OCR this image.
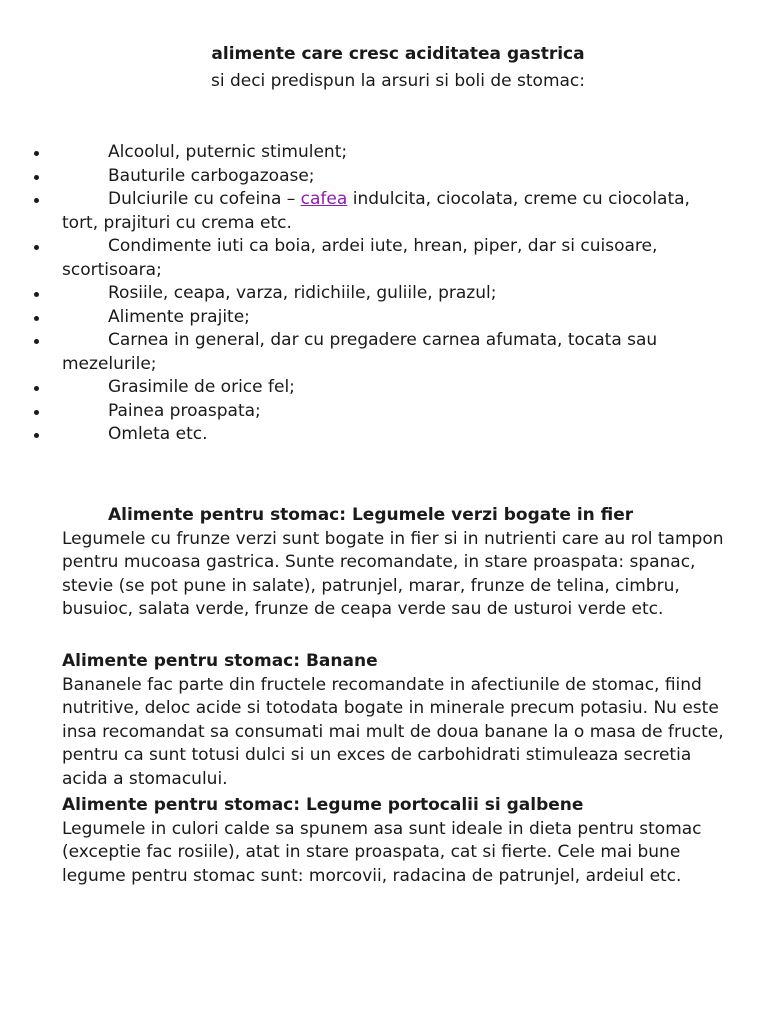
alimente care cresc aciditatea gastrica
si deci predispun la arsuri si boli de stomac:
Alcoolul, puternic stimulent;
Bauturile carbogazoase;
Dulciurile cu cofeina – cafea indulcita, ciocolata, creme cu ciocolata, tort, prajituri cu crema etc.
Condimente iuti ca boia, ardei iute, hrean, piper, dar si cuisoare, scortisoara;
Rosiile, ceapa, varza, ridichiile, guliile, prazul;
Alimente prajite;
Carnea in general, dar cu pregadere carnea afumata, tocata sau mezelurile;
Grasimile de orice fel;
Painea proaspata;
Omleta etc.

Alimente pentru stomac: Legumele verzi bogate in fier

Legumele cu frunze verzi sunt bogate in fier si in nutrienti care au rol tampon pentru mucoasa gastrica. Sunte recomandate, in stare proaspata: spanac, stevie (se pot pune in salate), patrunjel, marar, frunze de telina, cimbru, busuioc, salata verde, frunze de ceapa verde sau de usturoi verde etc.

Alimente pentru stomac: Banane

Bananele fac parte din fructele recomandate in afectiunile de stomac, fiind nutritive, deloc acide si totodata bogate in minerale precum potasiu. Nu este insa recomandat sa consumati mai mult de doua banane la o masa de fructe, pentru ca sunt totusi dulci si un exces de carbohidrati stimuleaza secretia acida a stomacului.

Alimente pentru stomac: Legume portocalii si galbene

Legumele in culori calde sa spunem asa sunt ideale in dieta pentru stomac (exceptie fac rosiile), atat in stare proaspata, cat si fierte. Cele mai bune legume pentru stomac sunt: morcovii, radacina de patrunjel, ardeiul etc.
